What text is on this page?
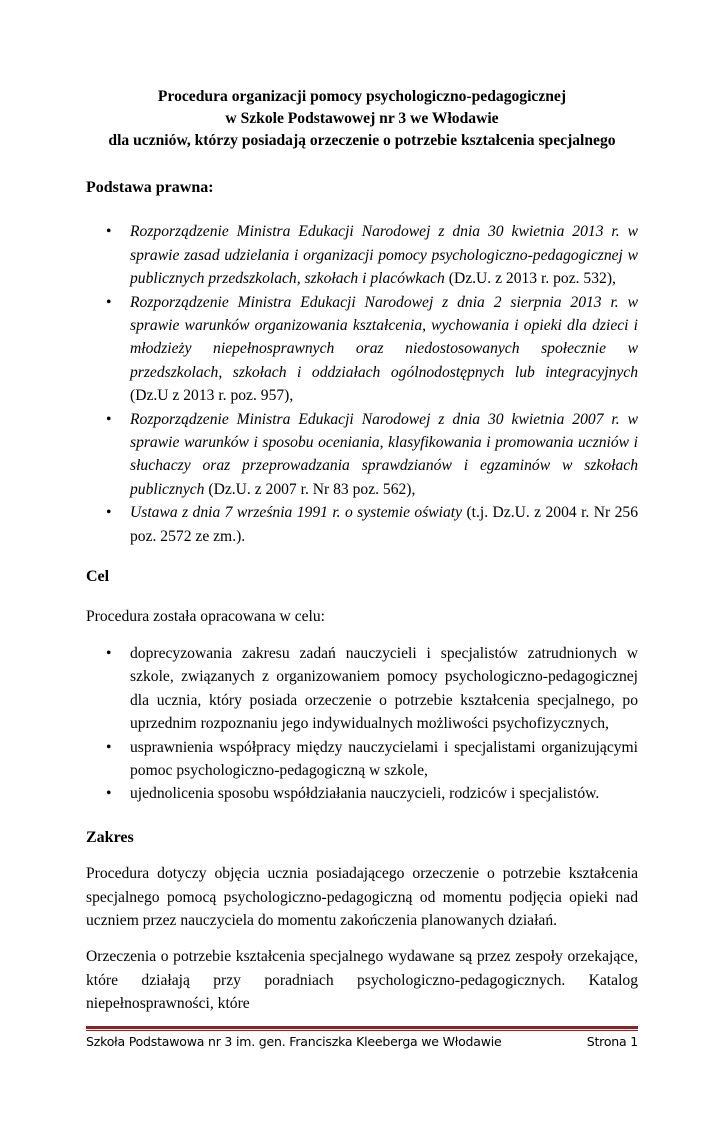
Procedura organizacji pomocy psychologiczno-pedagogicznej
w Szkole Podstawowej nr 3 we Włodawie
dla uczniów, którzy posiadają orzeczenie o potrzebie kształcenia specjalnego
Podstawa prawna:
• Rozporządzenie Ministra Edukacji Narodowej z dnia 30 kwietnia 2013 r. w sprawie zasad udzielania i organizacji pomocy psychologiczno-pedagogicznej w publicznych przedszkolach, szkołach i placówkach (Dz.U. z 2013 r. poz. 532),
• Rozporządzenie Ministra Edukacji Narodowej z dnia 2 sierpnia 2013 r. w sprawie warunków organizowania kształcenia, wychowania i opieki dla dzieci i młodzieży niepełnosprawnych oraz niedostosowanych społecznie w przedszkolach, szkołach i oddziałach ogólnodostępnych lub integracyjnych (Dz.U z 2013 r. poz. 957),
• Rozporządzenie Ministra Edukacji Narodowej z dnia 30 kwietnia 2007 r. w sprawie warunków i sposobu oceniania, klasyfikowania i promowania uczniów i słuchaczy oraz przeprowadzania sprawdzianów i egzaminów w szkołach publicznych (Dz.U. z 2007 r. Nr 83 poz. 562),
• Ustawa z dnia 7 września 1991 r. o systemie oświaty (t.j. Dz.U. z 2004 r. Nr 256 poz. 2572 ze zm.).
Cel

Procedura została opracowana w celu:

• doprecyzowania zakresu zadań nauczycieli i specjalistów zatrudnionych w szkole, związanych z organizowaniem pomocy psychologiczno-pedagogicznej dla ucznia, który posiada orzeczenie o potrzebie kształcenia specjalnego, po uprzednim rozpoznaniu jego indywidualnych możliwości psychofizycznych,
• usprawnienia współpracy między nauczycielami i specjalistami organizującymi pomoc psychologiczno-pedagogiczną w szkole,
• ujednolicenia sposobu współdziałania nauczycieli, rodziców i specjalistów.
Zakres

Procedura dotyczy objęcia ucznia posiadającego orzeczenie o potrzebie kształcenia specjalnego pomocą psychologiczno-pedagogiczną od momentu podjęcia opieki nad uczniem przez nauczyciela do momentu zakończenia planowanych działań.

Orzeczenia o potrzebie kształcenia specjalnego wydawane są przez zespoły orzekające, które działają przy poradniach psychologiczno-pedagogicznych. Katalog niepełnosprawności, które

Szkoła Podstawowa nr 3 im. gen. Franciszka Kleeberga we Włodawie	Strona 1
